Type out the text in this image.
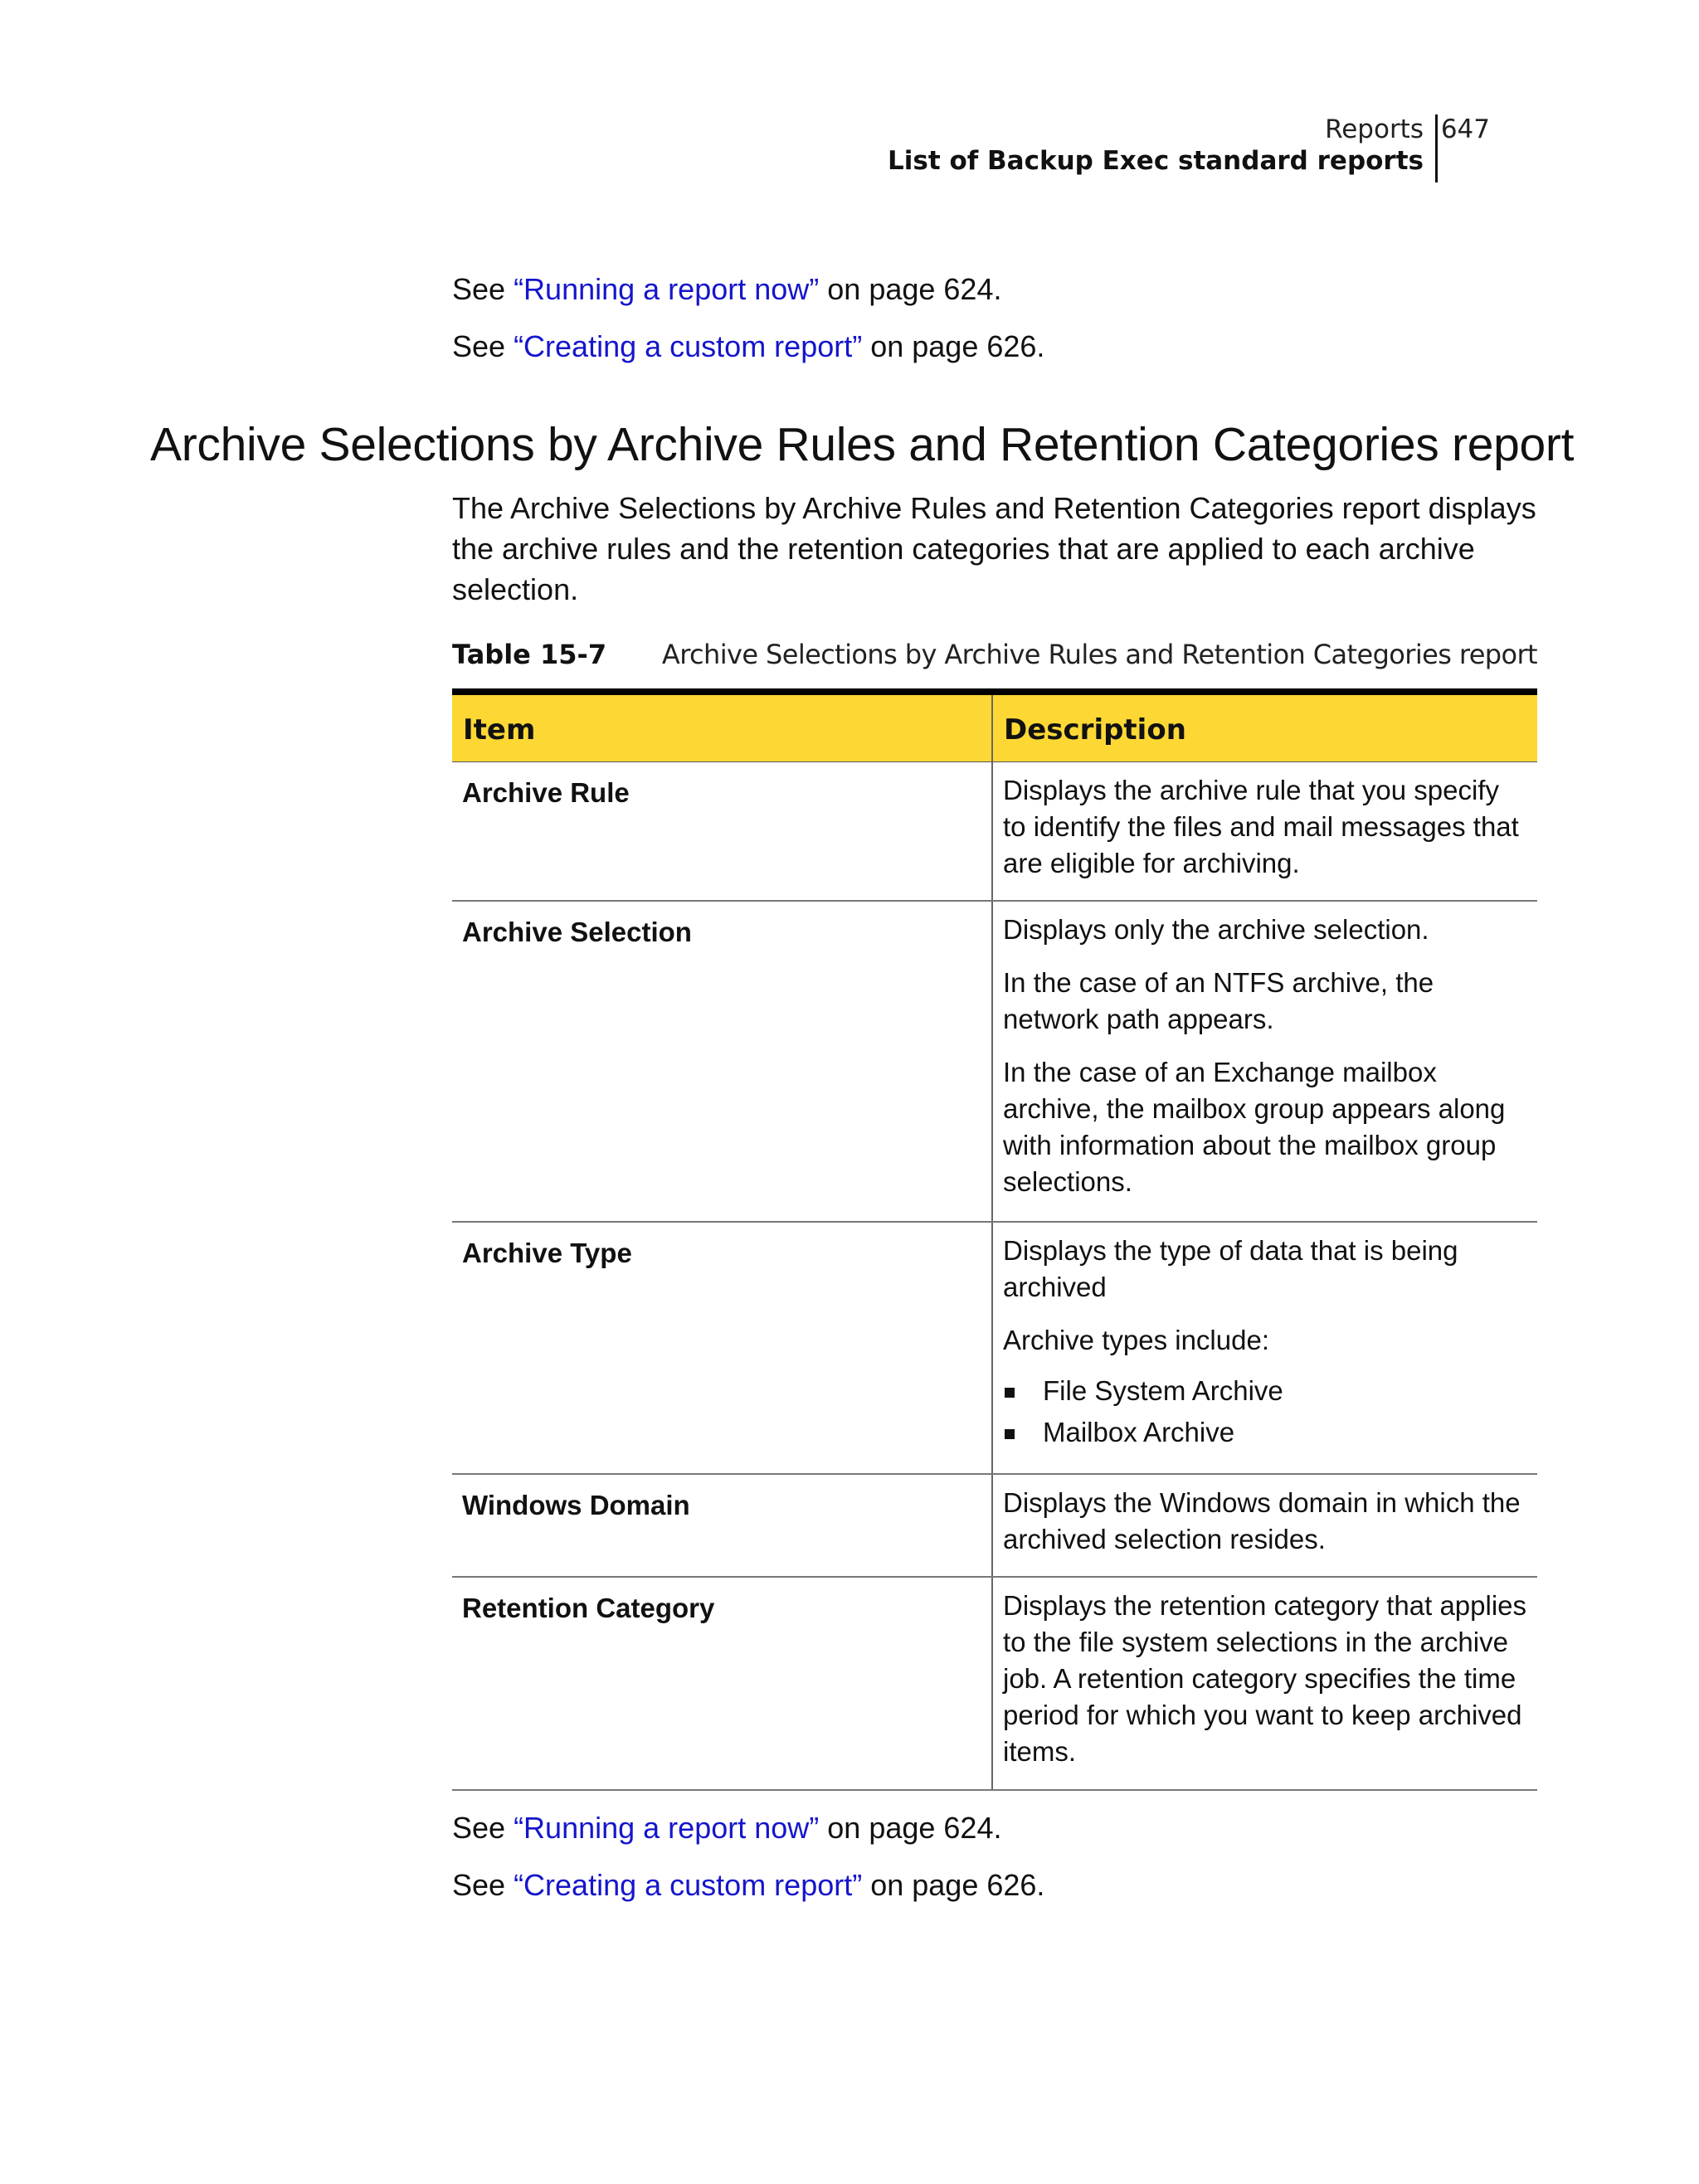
Reports
List of Backup Exec standard reports
647
See “Running a report now” on page 624.
See “Creating a custom report” on page 626.
Archive Selections by Archive Rules and Retention Categories report
The Archive Selections by Archive Rules and Retention Categories report displays the archive rules and the retention categories that are applied to each archive selection.
Table 15-7 Archive Selections by Archive Rules and Retention Categories report
Item	Description
Archive Rule	Displays the archive rule that you specify to identify the files and mail messages that are eligible for archiving.

Archive Selection	Displays only the archive selection.

In the case of an NTFS archive, the network path appears.

In the case of an Exchange mailbox archive, the mailbox group appears along with information about the mailbox group selections.

Archive Type	Displays the type of data that is being archived

Archive types include:

File System Archive
Mailbox Archive
Windows Domain	Displays the Windows domain in which the archived selection resides.

Retention Category	Displays the retention category that applies to the file system selections in the archive job. A retention category specifies the time period for which you want to keep archived items.

See “Running a report now” on page 624.
See “Creating a custom report” on page 626.
